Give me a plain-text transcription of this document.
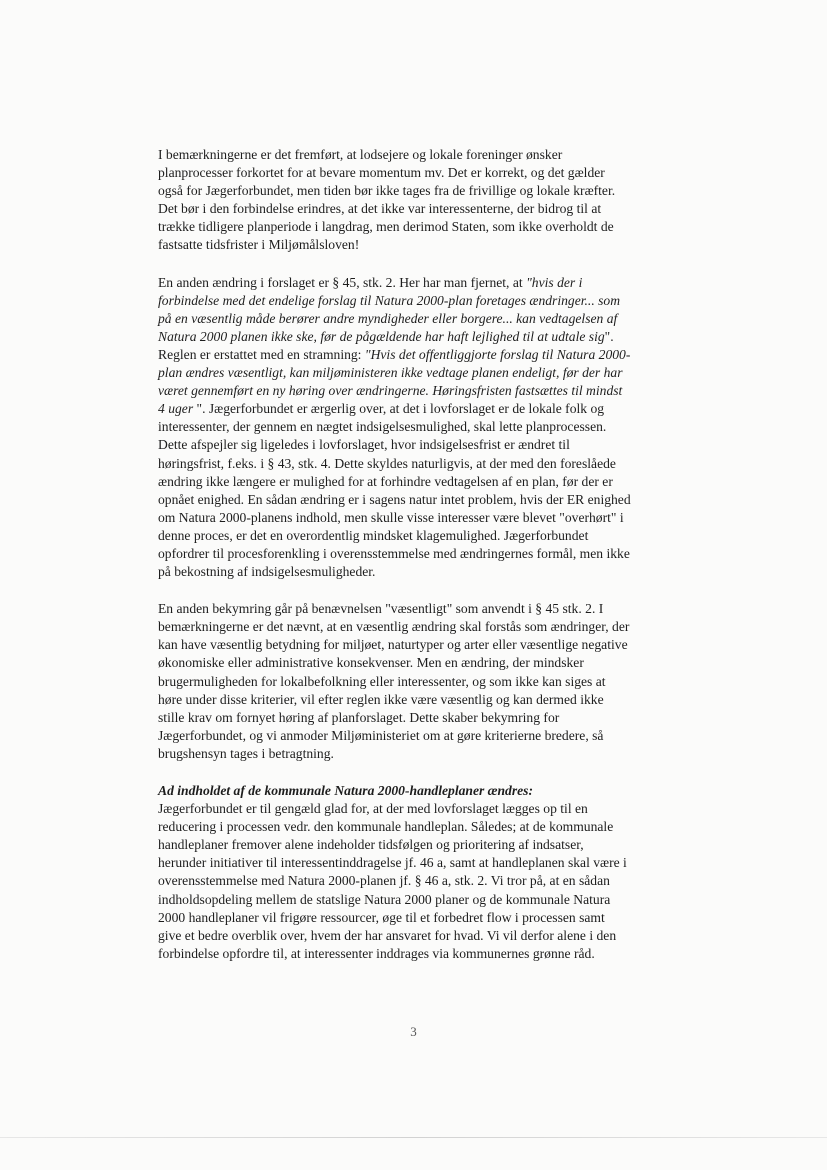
I bemærkningerne er det fremført, at lodsejere og lokale foreninger ønsker
planprocesser forkortet for at bevare momentum mv. Det er korrekt, og det gælder
også for Jægerforbundet, men tiden bør ikke tages fra de frivillige og lokale kræfter.
Det bør i den forbindelse erindres, at det ikke var interessenterne, der bidrog til at
trække tidligere planperiode i langdrag, men derimod Staten, som ikke overholdt de
fastsatte tidsfrister i Miljømålsloven!

En anden ændring i forslaget er § 45, stk. 2. Her har man fjernet, at "hvis der i
forbindelse med det endelige forslag til Natura 2000-plan foretages ændringer... som
på en væsentlig måde berører andre myndigheder eller borgere... kan vedtagelsen af
Natura 2000 planen ikke ske, før de pågældende har haft lejlighed til at udtale sig".
Reglen er erstattet med en stramning: "Hvis det offentliggjorte forslag til Natura 2000-
plan ændres væsentligt, kan miljøministeren ikke vedtage planen endeligt, før der har
været gennemført en ny høring over ændringerne. Høringsfristen fastsættes til mindst
4 uger ". Jægerforbundet er ærgerlig over, at det i lovforslaget er de lokale folk og
interessenter, der gennem en nægtet indsigelsesmulighed, skal lette planprocessen.
Dette afspejler sig ligeledes i lovforslaget, hvor indsigelsesfrist er ændret til
høringsfrist, f.eks. i § 43, stk. 4. Dette skyldes naturligvis, at der med den foreslåede
ændring ikke længere er mulighed for at forhindre vedtagelsen af en plan, før der er
opnået enighed. En sådan ændring er i sagens natur intet problem, hvis der ER enighed
om Natura 2000-planens indhold, men skulle visse interesser være blevet "overhørt" i
denne proces, er det en overordentlig mindsket klagemulighed. Jægerforbundet
opfordrer til procesforenkling i overensstemmelse med ændringernes formål, men ikke
på bekostning af indsigelsesmuligheder.

En anden bekymring går på benævnelsen "væsentligt" som anvendt i § 45 stk. 2. I
bemærkningerne er det nævnt, at en væsentlig ændring skal forstås som ændringer, der
kan have væsentlig betydning for miljøet, naturtyper og arter eller væsentlige negative
økonomiske eller administrative konsekvenser. Men en ændring, der mindsker
brugermuligheden for lokalbefolkning eller interessenter, og som ikke kan siges at
høre under disse kriterier, vil efter reglen ikke være væsentlig og kan dermed ikke
stille krav om fornyet høring af planforslaget. Dette skaber bekymring for
Jægerforbundet, og vi anmoder Miljøministeriet om at gøre kriterierne bredere, så
brugshensyn tages i betragtning.

Ad indholdet af de kommunale Natura 2000-handleplaner ændres:
Jægerforbundet er til gengæld glad for, at der med lovforslaget lægges op til en
reducering i processen vedr. den kommunale handleplan. Således; at de kommunale
handleplaner fremover alene indeholder tidsfølgen og prioritering af indsatser,
herunder initiativer til interessentinddragelse jf. 46 a, samt at handleplanen skal være i
overensstemmelse med Natura 2000-planen jf. § 46 a, stk. 2. Vi tror på, at en sådan
indholdsopdeling mellem de statslige Natura 2000 planer og de kommunale Natura
2000 handleplaner vil frigøre ressourcer, øge til et forbedret flow i processen samt
give et bedre overblik over, hvem der har ansvaret for hvad. Vi vil derfor alene i den
forbindelse opfordre til, at interessenter inddrages via kommunernes grønne råd.

3
